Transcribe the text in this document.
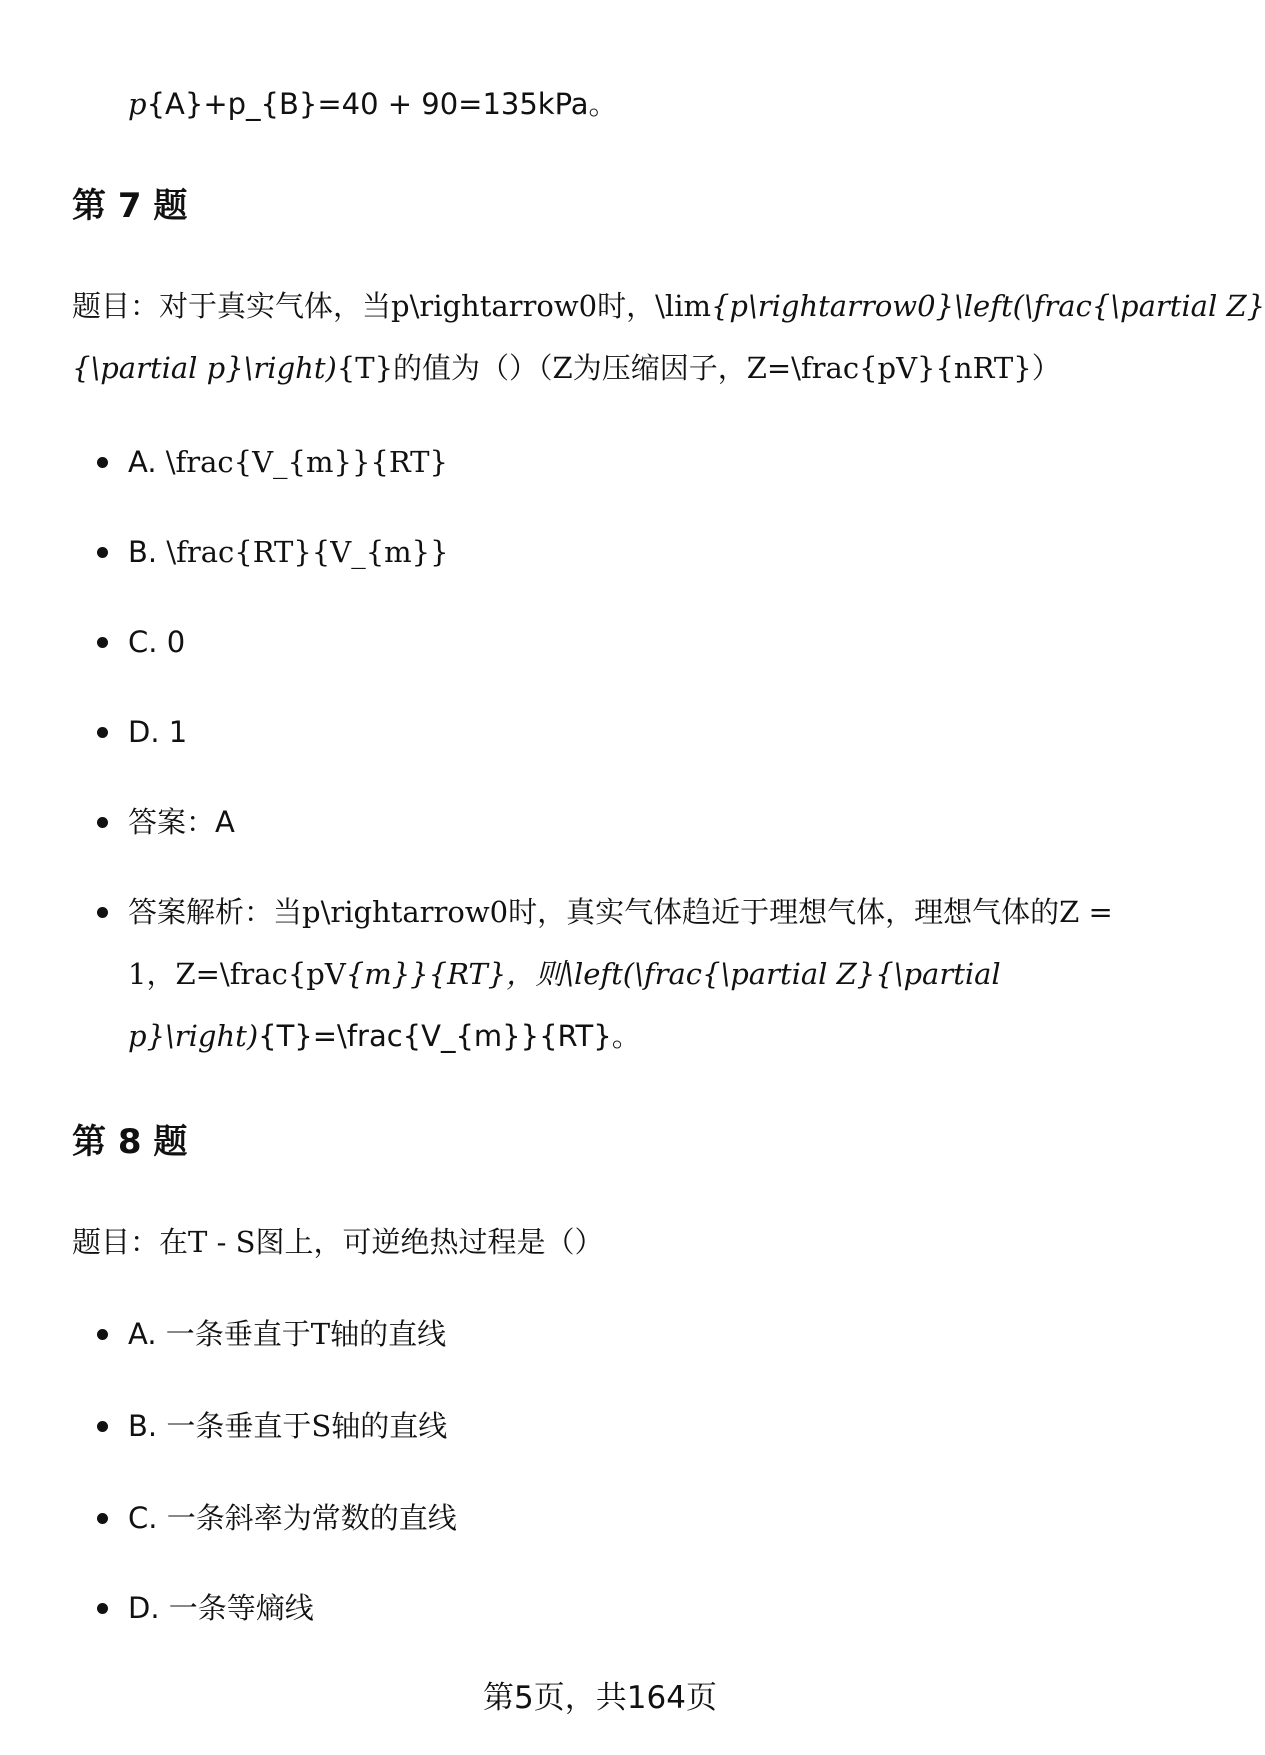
p{A}+p_{B}=40 + 90=135kPa。
第 7 题
题目：对于真实气体，当p\rightarrow0时，\lim{p\rightarrow0}\left(\frac{\partial Z}
{\partial p}\right){T}的值为（）（Z为压缩因子，Z=\frac{pV}{nRT}）
A. \frac{V_{m}}{RT}
B. \frac{RT}{V_{m}}
C. 0
D. 1
答案：A
答案解析：当p\rightarrow0时，真实气体趋近于理想气体，理想气体的Z =
1，Z=\frac{pV{m}}{RT}，则\left(\frac{\partial Z}{\partial
p}\right){T}=\frac{V_{m}}{RT}。
第 8 题
题目：在T - S图上，可逆绝热过程是（）
A. 一条垂直于T轴的直线
B. 一条垂直于S轴的直线
C. 一条斜率为常数的直线
D. 一条等熵线
第5页，共164页
